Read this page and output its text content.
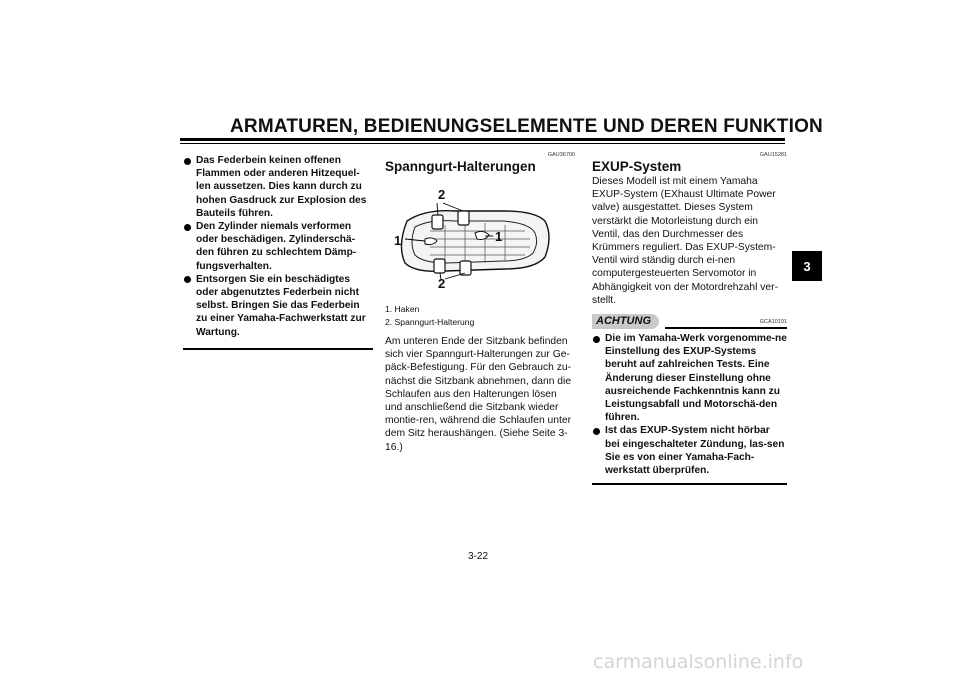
ARMATUREN, BEDIENUNGSELEMENTE UND DEREN FUNKTION
3
Das Federbein keinen offenen Flammen oder anderen Hitzequel-len aussetzen. Dies kann durch zu hohen Gasdruck zur Explosion des Bauteils führen.
Den Zylinder niemals verformen oder beschädigen. Zylinderschä-den führen zu schlechtem Dämp-fungsverhalten.
Entsorgen Sie ein beschädigtes oder abgenutztes Federbein nicht selbst. Bringen Sie das Federbein zu einer Yamaha-Fachwerkstatt zur Wartung.
GAU36700
Spanngurt-Halterungen
2
1	1
2

1. Haken

2. Spanngurt-Halterung

Am unteren Ende der Sitzbank befinden sich vier Spanngurt-Halterungen zur Ge-päck-Befestigung. Für den Gebrauch zu-nächst die Sitzbank abnehmen, dann die Schlaufen aus den Halterungen lösen und anschließend die Sitzbank wieder montie-ren, während die Schlaufen unter dem Sitz heraushängen. (Siehe Seite 3-16.)

GAU15281
EXUP-System

Dieses Modell ist mit einem Yamaha EXUP-System (EXhaust Ultimate Power valve) ausgestattet. Dieses System verstärkt die Motorleistung durch ein Ventil, das den Durchmesser des Krümmers reguliert. Das EXUP-System-Ventil wird ständig durch ei-nen computergesteuerten Servomotor in Abhängigkeit von der Motordrehzahl ver-stellt.

ACHTUNG	GCA10191
Die im Yamaha-Werk vorgenomme-ne Einstellung des EXUP-Systems beruht auf zahlreichen Tests. Eine Änderung dieser Einstellung ohne ausreichende Fachkenntnis kann zu Leistungsabfall und Motorschä-den führen.
Ist das EXUP-System nicht hörbar bei eingeschalteter Zündung, las-sen Sie es von einer Yamaha-Fach-werkstatt überprüfen.
3-22
carmanualsonline.info
